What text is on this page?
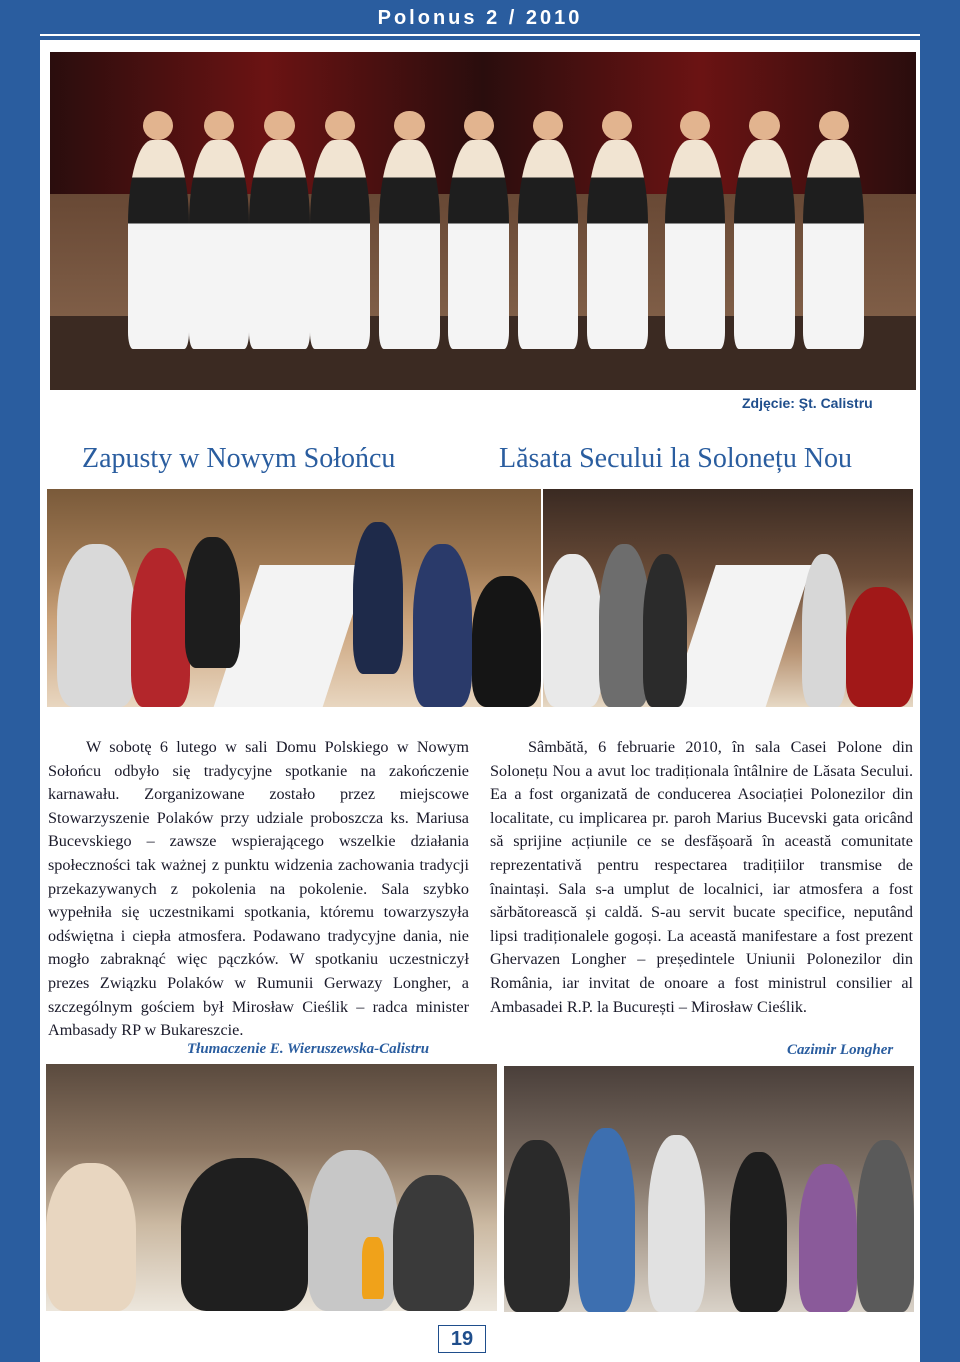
Polonus 2 / 2010
Zdjęcie: Şt. Calistru
Zapusty w Nowym Sołońcu	Lăsata Secului la Solonețu Nou

W sobotę 6 lutego w sali Domu Polskiego w Nowym Sołońcu odbyło się tradycyjne spotkanie na zakończenie karnawału. Zorganizowane zostało przez miejscowe Stowarzyszenie Polaków przy udziale proboszcza ks. Mariusa Bucevskiego – zawsze wspierającego wszelkie działania społeczności tak ważnej z punktu widzenia zachowania tradycji przekazywanych z pokolenia na pokolenie. Sala szybko wypełniła się uczestnikami spotkania, któremu towarzyszyła odświętna i ciepła atmosfera. Podawano tradycyjne dania, nie mogło zabraknąć więc pączków. W spotkaniu uczestniczył prezes Związku Polaków w Rumunii Gerwazy Longher, a szczególnym gościem był Mirosław Cieślik – radca minister Ambasady RP w Bukareszcie.

Tłumaczenie E. Wieruszewska-Calistru

Sâmbătă, 6 februarie 2010, în sala Casei Polone din Solonețu Nou a avut loc tradiționala întâlnire de Lăsata Secului. Ea a fost organizată de conducerea Asociației Polonezilor din localitate, cu implicarea pr. paroh Marius Bucevski gata oricând să sprijine acțiunile ce se desfășoară în această comunitate reprezentativă pentru respectarea tradițiilor transmise de înaintași. Sala s-a umplut de localnici, iar atmosfera a fost sărbătorească și caldă. S-au servit bucate specifice, neputând lipsi tradiționalele gogoși. La această manifestare a fost prezent Ghervazen Longher – președintele Uniunii Polonezilor din România, iar invitat de onoare a fost ministrul consilier al Ambasadei R.P. la București – Mirosław Cieślik.

Cazimir Longher
19	Zdjęcia : K. Longier
